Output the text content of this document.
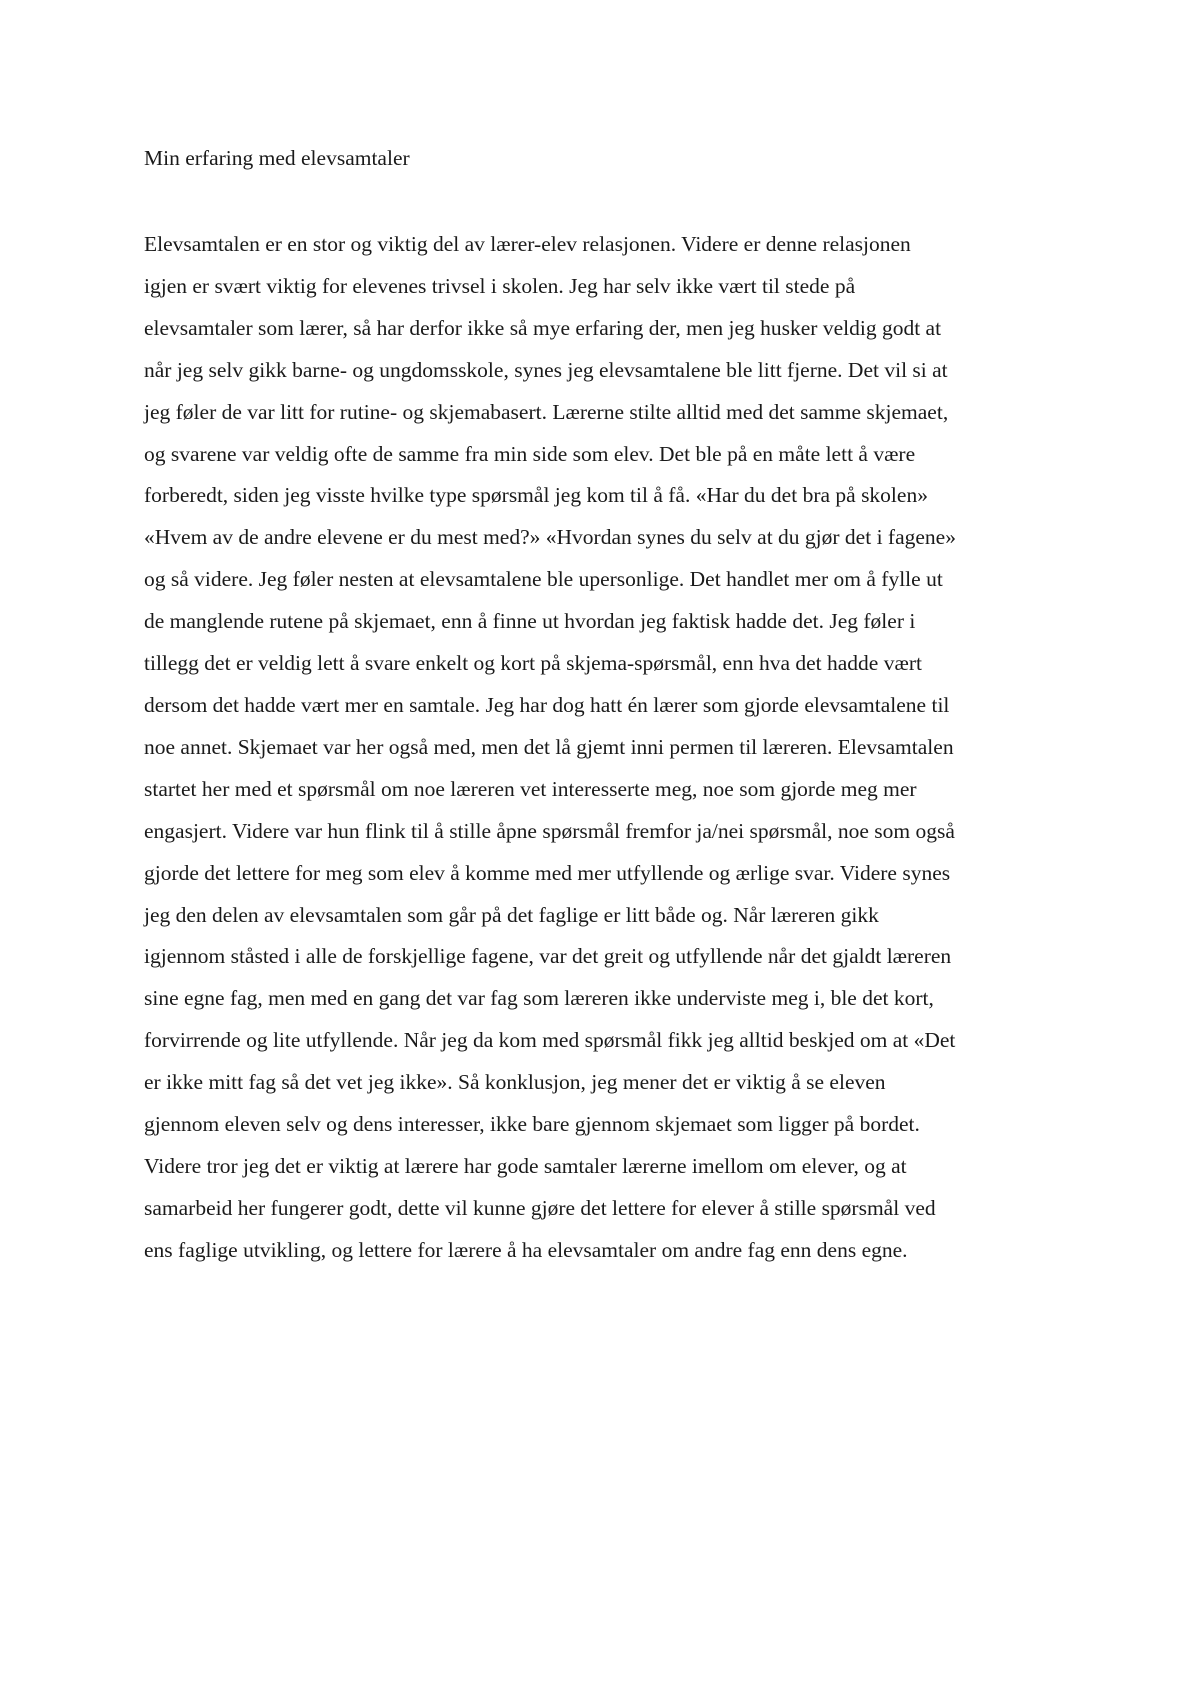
Min erfaring med elevsamtaler
Elevsamtalen er en stor og viktig del av lærer-elev relasjonen. Videre er denne relasjonen
igjen er svært viktig for elevenes trivsel i skolen. Jeg har selv ikke vært til stede på
elevsamtaler som lærer, så har derfor ikke så mye erfaring der, men jeg husker veldig godt at
når jeg selv gikk barne- og ungdomsskole, synes jeg elevsamtalene ble litt fjerne. Det vil si at
jeg føler de var litt for rutine- og skjemabasert. Lærerne stilte alltid med det samme skjemaet,
og svarene var veldig ofte de samme fra min side som elev. Det ble på en måte lett å være
forberedt, siden jeg visste hvilke type spørsmål jeg kom til å få. «Har du det bra på skolen»
«Hvem av de andre elevene er du mest med?» «Hvordan synes du selv at du gjør det i fagene»
og så videre. Jeg føler nesten at elevsamtalene ble upersonlige. Det handlet mer om å fylle ut
de manglende rutene på skjemaet, enn å finne ut hvordan jeg faktisk hadde det. Jeg føler i
tillegg det er veldig lett å svare enkelt og kort på skjema-spørsmål, enn hva det hadde vært
dersom det hadde vært mer en samtale. Jeg har dog hatt én lærer som gjorde elevsamtalene til
noe annet. Skjemaet var her også med, men det lå gjemt inni permen til læreren. Elevsamtalen
startet her med et spørsmål om noe læreren vet interesserte meg, noe som gjorde meg mer
engasjert. Videre var hun flink til å stille åpne spørsmål fremfor ja/nei spørsmål, noe som også
gjorde det lettere for meg som elev å komme med mer utfyllende og ærlige svar. Videre synes
jeg den delen av elevsamtalen som går på det faglige er litt både og. Når læreren gikk
igjennom ståsted i alle de forskjellige fagene, var det greit og utfyllende når det gjaldt læreren
sine egne fag, men med en gang det var fag som læreren ikke underviste meg i, ble det kort,
forvirrende og lite utfyllende. Når jeg da kom med spørsmål fikk jeg alltid beskjed om at «Det
er ikke mitt fag så det vet jeg ikke». Så konklusjon, jeg mener det er viktig å se eleven
gjennom eleven selv og dens interesser, ikke bare gjennom skjemaet som ligger på bordet.
Videre tror jeg det er viktig at lærere har gode samtaler lærerne imellom om elever, og at
samarbeid her fungerer godt, dette vil kunne gjøre det lettere for elever å stille spørsmål ved
ens faglige utvikling, og lettere for lærere å ha elevsamtaler om andre fag enn dens egne.
